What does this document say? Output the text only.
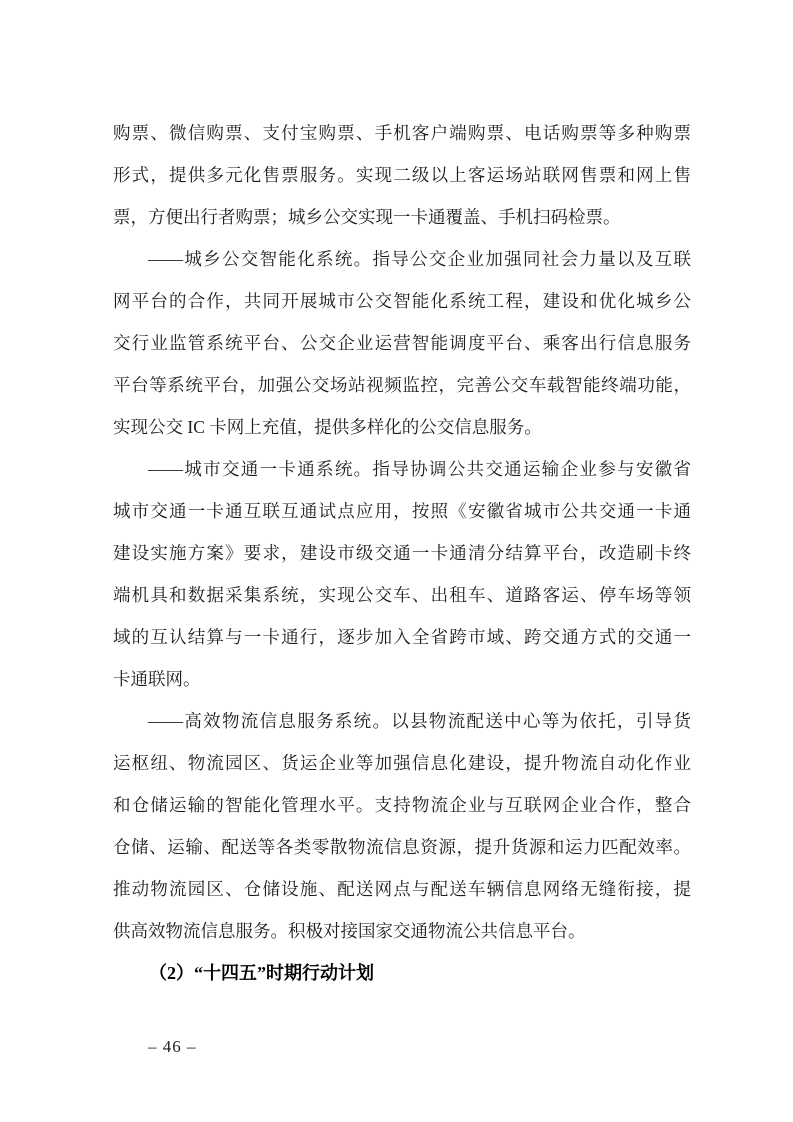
购票、微信购票、支付宝购票、手机客户端购票、电话购票等多种购票
形式，提供多元化售票服务。实现二级以上客运场站联网售票和网上售
票，方便出行者购票；城乡公交实现一卡通覆盖、手机扫码检票。
——城乡公交智能化系统。指导公交企业加强同社会力量以及互联
网平台的合作，共同开展城市公交智能化系统工程，建设和优化城乡公
交行业监管系统平台、公交企业运营智能调度平台、乘客出行信息服务
平台等系统平台，加强公交场站视频监控，完善公交车载智能终端功能，
实现公交 IC 卡网上充值，提供多样化的公交信息服务。
——城市交通一卡通系统。指导协调公共交通运输企业参与安徽省
城市交通一卡通互联互通试点应用，按照《安徽省城市公共交通一卡通
建设实施方案》要求，建设市级交通一卡通清分结算平台，改造刷卡终
端机具和数据采集系统，实现公交车、出租车、道路客运、停车场等领
域的互认结算与一卡通行，逐步加入全省跨市域、跨交通方式的交通一
卡通联网。
——高效物流信息服务系统。以县物流配送中心等为依托，引导货
运枢纽、物流园区、货运企业等加强信息化建设，提升物流自动化作业
和仓储运输的智能化管理水平。支持物流企业与互联网企业合作，整合
仓储、运输、配送等各类零散物流信息资源，提升货源和运力匹配效率。
推动物流园区、仓储设施、配送网点与配送车辆信息网络无缝衔接，提
供高效物流信息服务。积极对接国家交通物流公共信息平台。
（2）“十四五”时期行动计划
– 46 –
